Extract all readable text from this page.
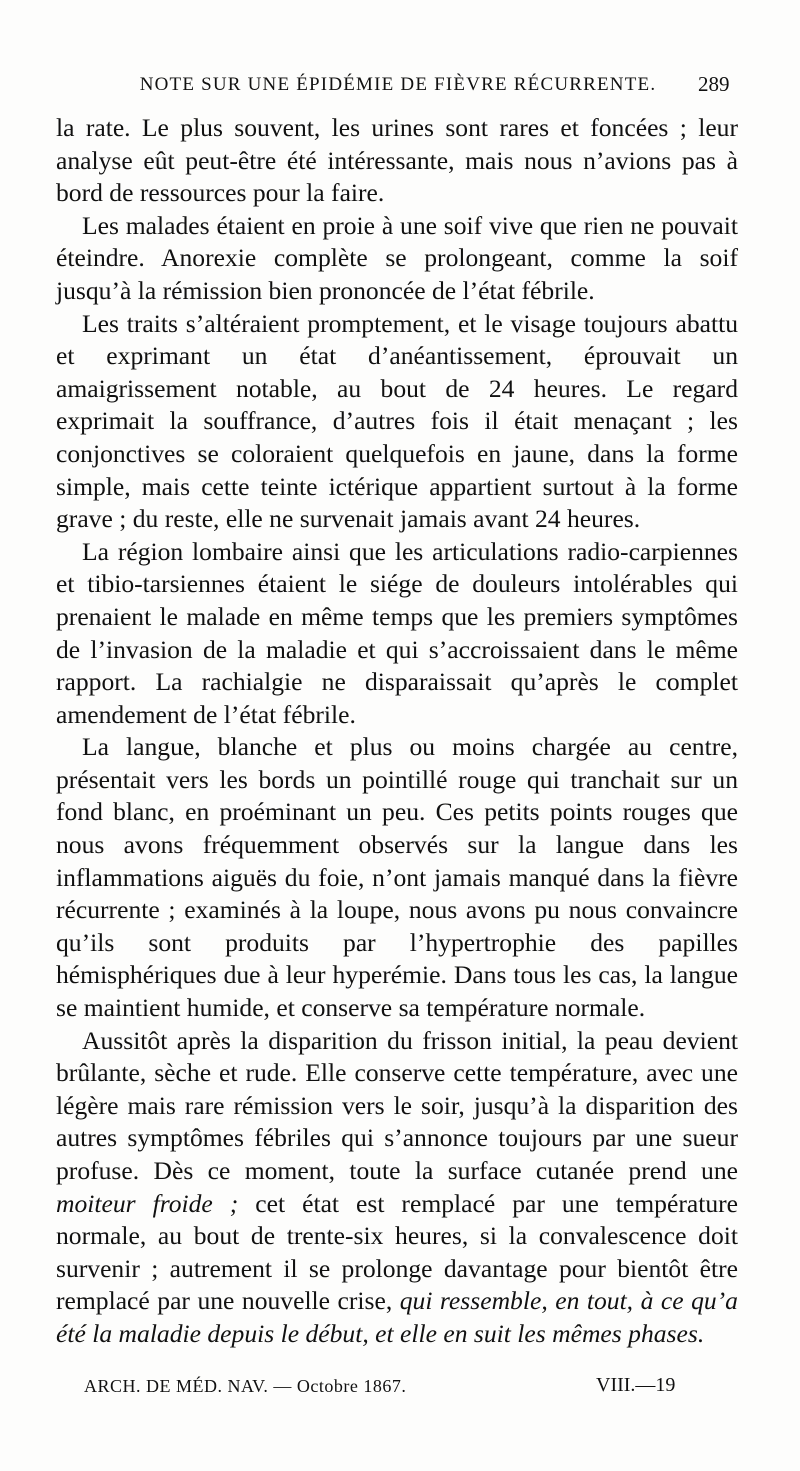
NOTE SUR UNE ÉPIDÉMIE DE FIÈVRE RÉCURRENTE.	289

la rate. Le plus souvent, les urines sont rares et foncées ; leur analyse eût peut-être été intéressante, mais nous n’avions pas à bord de ressources pour la faire.

Les malades étaient en proie à une soif vive que rien ne pouvait éteindre. Anorexie complète se prolongeant, comme la soif jusqu’à la rémission bien prononcée de l’état fébrile.

Les traits s’altéraient promptement, et le visage toujours abattu et exprimant un état d’anéantissement, éprouvait un amaigrissement notable, au bout de 24 heures. Le regard exprimait la souffrance, d’autres fois il était menaçant ; les conjonctives se coloraient quelquefois en jaune, dans la forme simple, mais cette teinte ictérique appartient surtout à la forme grave ; du reste, elle ne survenait jamais avant 24 heures.

La région lombaire ainsi que les articulations radio-carpiennes et tibio-tarsiennes étaient le siége de douleurs intolérables qui prenaient le malade en même temps que les premiers symptômes de l’invasion de la maladie et qui s’accroissaient dans le même rapport. La rachialgie ne disparaissait qu’après le complet amendement de l’état fébrile.

La langue, blanche et plus ou moins chargée au centre, présentait vers les bords un pointillé rouge qui tranchait sur un fond blanc, en proéminant un peu. Ces petits points rouges que nous avons fréquemment observés sur la langue dans les inflammations aiguës du foie, n’ont jamais manqué dans la fièvre récurrente ; examinés à la loupe, nous avons pu nous convaincre qu’ils sont produits par l’hypertrophie des papilles hémisphériques due à leur hyperémie. Dans tous les cas, la langue se maintient humide, et conserve sa température normale.

Aussitôt après la disparition du frisson initial, la peau devient brûlante, sèche et rude. Elle conserve cette température, avec une légère mais rare rémission vers le soir, jusqu’à la disparition des autres symptômes fébriles qui s’annonce toujours par une sueur profuse. Dès ce moment, toute la surface cutanée prend une moiteur froide ; cet état est remplacé par une température normale, au bout de trente-six heures, si la convalescence doit survenir ; autrement il se prolonge davantage pour bientôt être remplacé par une nouvelle crise, qui ressemble, en tout, à ce qu’a été la maladie depuis le début, et elle en suit les mêmes phases.

ARCH. DE MÉD. NAV. — Octobre 1867.	VIII.—19
